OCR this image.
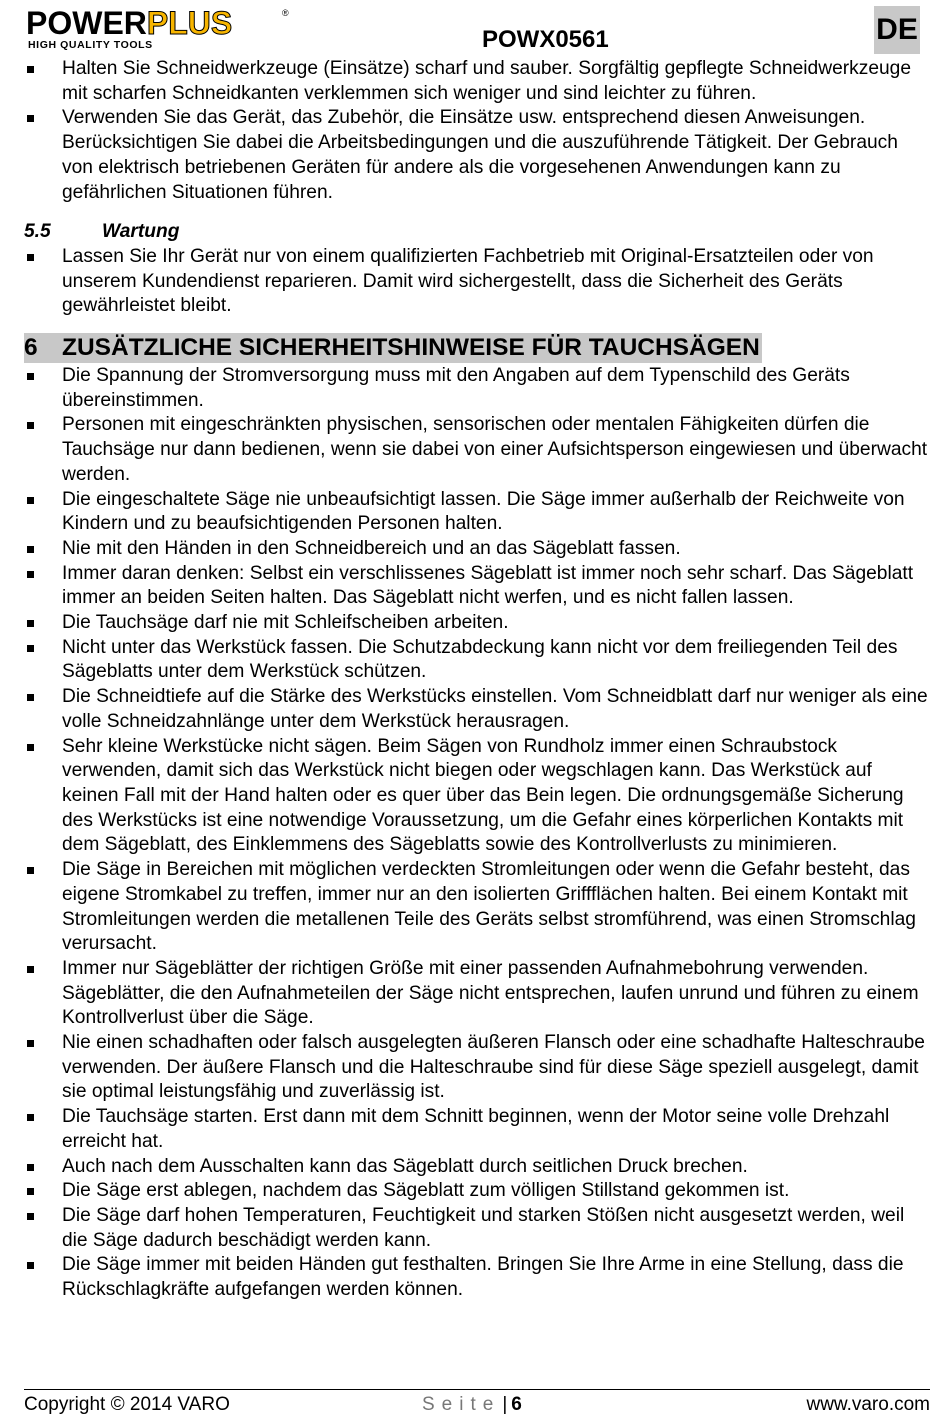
POWERPLUS	®
HIGH QUALITY TOOLS	POWX0561	DE
Halten Sie Schneidwerkzeuge (Einsätze) scharf und sauber. Sorgfältig gepflegte Schneidwerkzeuge mit scharfen Schneidkanten verklemmen sich weniger und sind leichter zu führen.
Verwenden Sie das Gerät, das Zubehör, die Einsätze usw. entsprechend diesen Anweisungen. Berücksichtigen Sie dabei die Arbeitsbedingungen und die auszuführende Tätigkeit. Der Gebrauch von elektrisch betriebenen Geräten für andere als die vorgesehenen Anwendungen kann zu gefährlichen Situationen führen.
5.5	Wartung
Lassen Sie Ihr Gerät nur von einem qualifizierten Fachbetrieb mit Original-Ersatzteilen oder von unserem Kundendienst reparieren. Damit wird sichergestellt, dass die Sicherheit des Geräts gewährleistet bleibt.
6 ZUSÄTZLICHE SICHERHEITSHINWEISE FÜR TAUCHSÄGEN
Die Spannung der Stromversorgung muss mit den Angaben auf dem Typenschild des Geräts übereinstimmen.
Personen mit eingeschränkten physischen, sensorischen oder mentalen Fähigkeiten dürfen die Tauchsäge nur dann bedienen, wenn sie dabei von einer Aufsichtsperson eingewiesen und überwacht werden.
Die eingeschaltete Säge nie unbeaufsichtigt lassen. Die Säge immer außerhalb der Reichweite von Kindern und zu beaufsichtigenden Personen halten.
Nie mit den Händen in den Schneidbereich und an das Sägeblatt fassen.
Immer daran denken: Selbst ein verschlissenes Sägeblatt ist immer noch sehr scharf. Das Sägeblatt immer an beiden Seiten halten. Das Sägeblatt nicht werfen, und es nicht fallen lassen.
Die Tauchsäge darf nie mit Schleifscheiben arbeiten.
Nicht unter das Werkstück fassen. Die Schutzabdeckung kann nicht vor dem freiliegenden Teil des Sägeblatts unter dem Werkstück schützen.
Die Schneidtiefe auf die Stärke des Werkstücks einstellen. Vom Schneidblatt darf nur weniger als eine volle Schneidzahnlänge unter dem Werkstück herausragen.
Sehr kleine Werkstücke nicht sägen. Beim Sägen von Rundholz immer einen Schraubstock verwenden, damit sich das Werkstück nicht biegen oder wegschlagen kann. Das Werkstück auf keinen Fall mit der Hand halten oder es quer über das Bein legen. Die ordnungsgemäße Sicherung des Werkstücks ist eine notwendige Voraussetzung, um die Gefahr eines körperlichen Kontakts mit dem Sägeblatt, des Einklemmens des Sägeblatts sowie des Kontrollverlusts zu minimieren.
Die Säge in Bereichen mit möglichen verdeckten Stromleitungen oder wenn die Gefahr besteht, das eigene Stromkabel zu treffen, immer nur an den isolierten Griffflächen halten. Bei einem Kontakt mit Stromleitungen werden die metallenen Teile des Geräts selbst stromführend, was einen Stromschlag verursacht.
Immer nur Sägeblätter der richtigen Größe mit einer passenden Aufnahmebohrung verwenden. Sägeblätter, die den Aufnahmeteilen der Säge nicht entsprechen, laufen unrund und führen zu einem Kontrollverlust über die Säge.
Nie einen schadhaften oder falsch ausgelegten äußeren Flansch oder eine schadhafte Halteschraube verwenden. Der äußere Flansch und die Halteschraube sind für diese Säge speziell ausgelegt, damit sie optimal leistungsfähig und zuverlässig ist.
Die Tauchsäge starten. Erst dann mit dem Schnitt beginnen, wenn der Motor seine volle Drehzahl erreicht hat.
Auch nach dem Ausschalten kann das Sägeblatt durch seitlichen Druck brechen.
Die Säge erst ablegen, nachdem das Sägeblatt zum völligen Stillstand gekommen ist.
Die Säge darf hohen Temperaturen, Feuchtigkeit und starken Stößen nicht ausgesetzt werden, weil die Säge dadurch beschädigt werden kann.
Die Säge immer mit beiden Händen gut festhalten. Bringen Sie Ihre Arme in eine Stellung, dass die Rückschlagkräfte aufgefangen werden können.
Copyright © 2014 VARO	Seite | 6	www.varo.com
